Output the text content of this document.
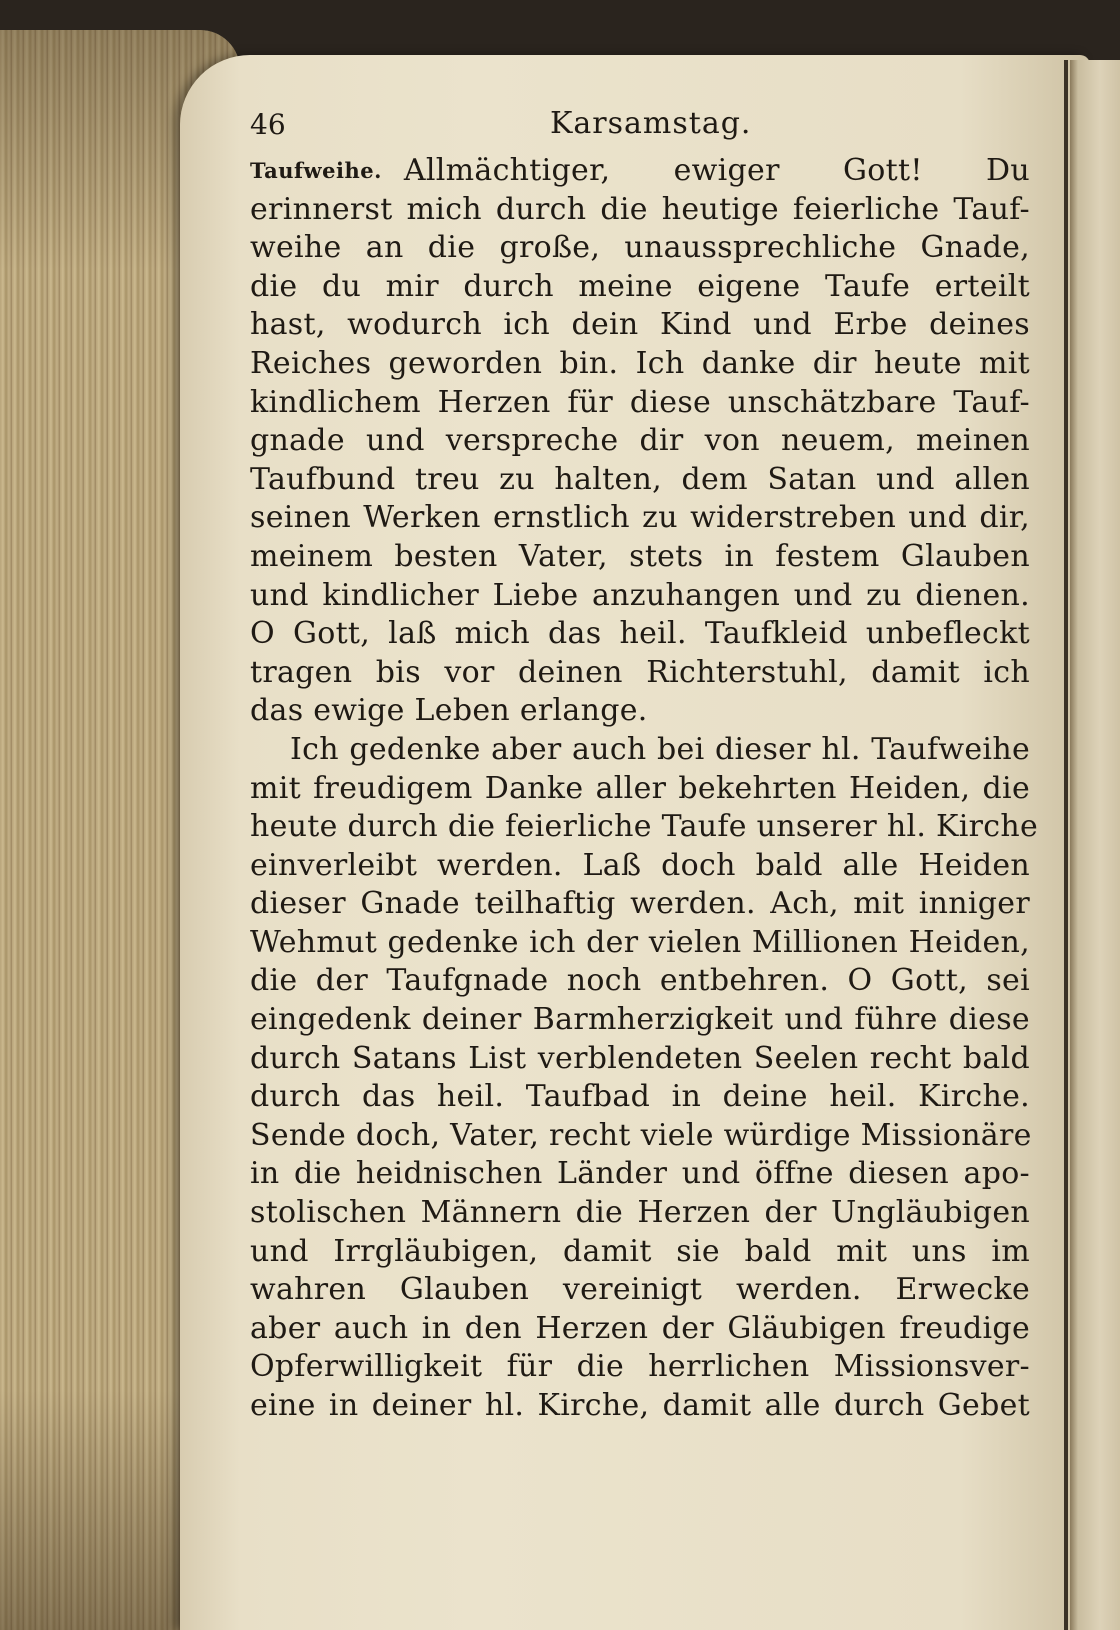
46	Karsamstag.
Taufweihe. Allmächtiger, ewiger Gott! Du
erinnerst mich durch die heutige feierliche Tauf-
weihe an die große, unaussprechliche Gnade,
die du mir durch meine eigene Taufe erteilt
hast, wodurch ich dein Kind und Erbe deines
Reiches geworden bin. Ich danke dir heute mit
kindlichem Herzen für diese unschätzbare Tauf-
gnade und verspreche dir von neuem, meinen
Taufbund treu zu halten, dem Satan und allen
seinen Werken ernstlich zu widerstreben und dir,
meinem besten Vater, stets in festem Glauben
und kindlicher Liebe anzuhangen und zu dienen.
O Gott, laß mich das heil. Taufkleid unbefleckt
tragen bis vor deinen Richterstuhl, damit ich
das ewige Leben erlange.
Ich gedenke aber auch bei dieser hl. Taufweihe
mit freudigem Danke aller bekehrten Heiden, die
heute durch die feierliche Taufe unserer hl. Kirche
einverleibt werden. Laß doch bald alle Heiden
dieser Gnade teilhaftig werden. Ach, mit inniger
Wehmut gedenke ich der vielen Millionen Heiden,
die der Taufgnade noch entbehren. O Gott, sei
eingedenk deiner Barmherzigkeit und führe diese
durch Satans List verblendeten Seelen recht bald
durch das heil. Taufbad in deine heil. Kirche.
Sende doch, Vater, recht viele würdige Missionäre
in die heidnischen Länder und öffne diesen apo-
stolischen Männern die Herzen der Ungläubigen
und Irrgläubigen, damit sie bald mit uns im
wahren Glauben vereinigt werden. Erwecke
aber auch in den Herzen der Gläubigen freudige
Opferwilligkeit für die herrlichen Missionsver-
eine in deiner hl. Kirche, damit alle durch Gebet
